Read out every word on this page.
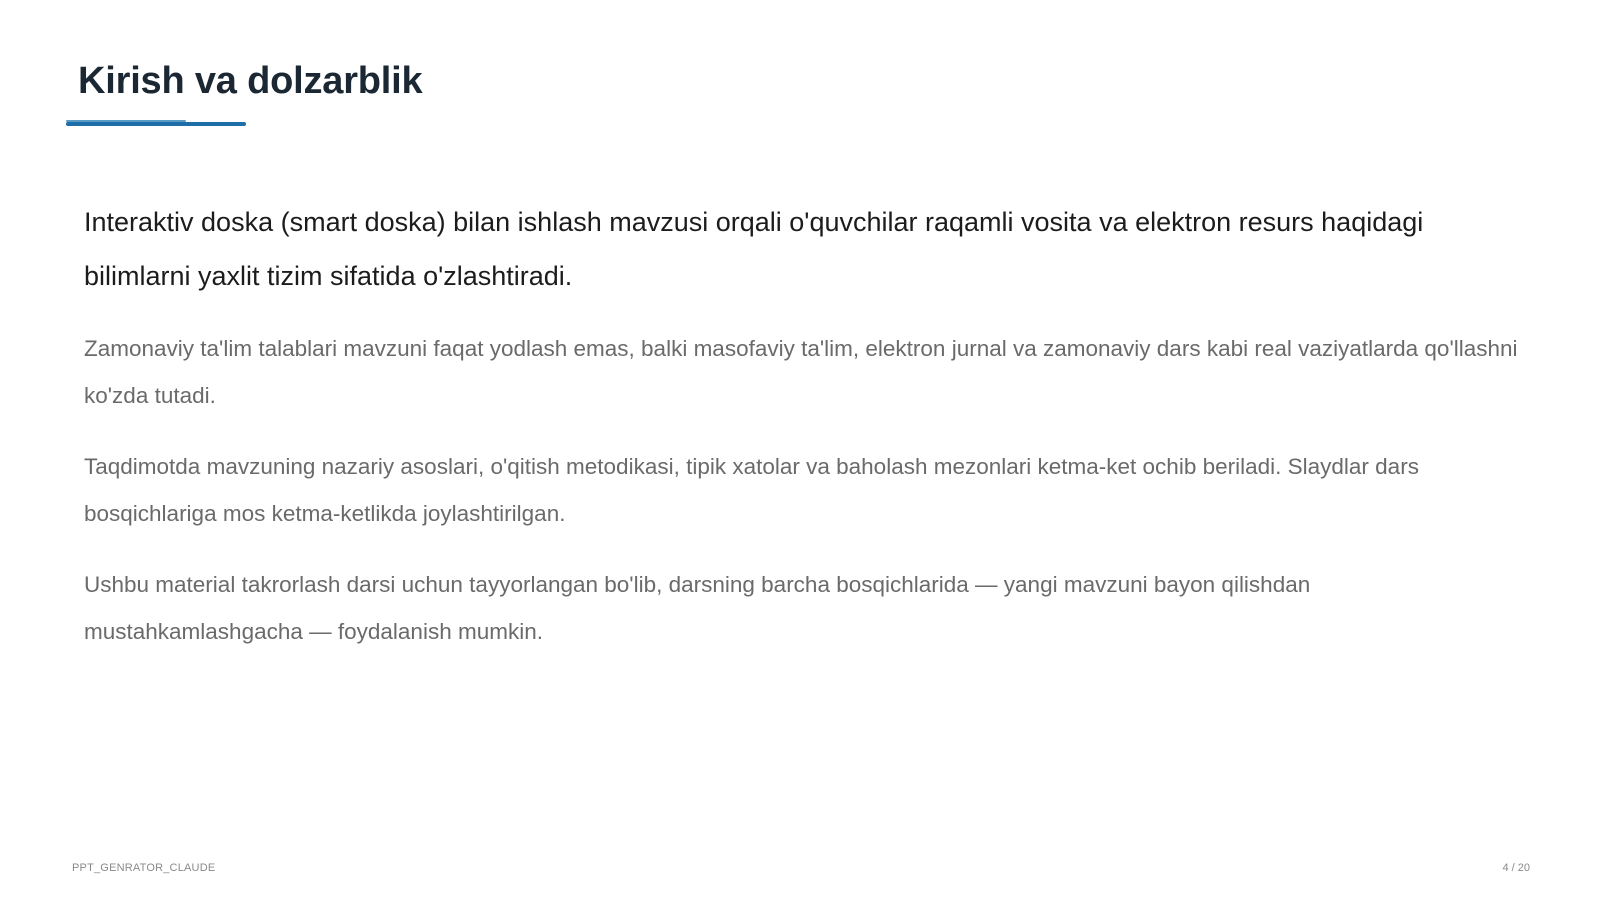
Kirish va dolzarblik

Interaktiv doska (smart doska) bilan ishlash mavzusi orqali o'quvchilar raqamli vosita va elektron resurs haqidagi bilimlarni yaxlit tizim sifatida o'zlashtiradi.

Zamonaviy ta'lim talablari mavzuni faqat yodlash emas, balki masofaviy ta'lim, elektron jurnal va zamonaviy dars kabi real vaziyatlarda qo'llashni ko'zda tutadi.

Taqdimotda mavzuning nazariy asoslari, o'qitish metodikasi, tipik xatolar va baholash mezonlari ketma-ket ochib beriladi. Slaydlar dars bosqichlariga mos ketma-ketlikda joylashtirilgan.

Ushbu material takrorlash darsi uchun tayyorlangan bo'lib, darsning barcha bosqichlarida — yangi mavzuni bayon qilishdan mustahkamlashgacha — foydalanish mumkin.

PPT_GENRATOR_CLAUDE	4 / 20
